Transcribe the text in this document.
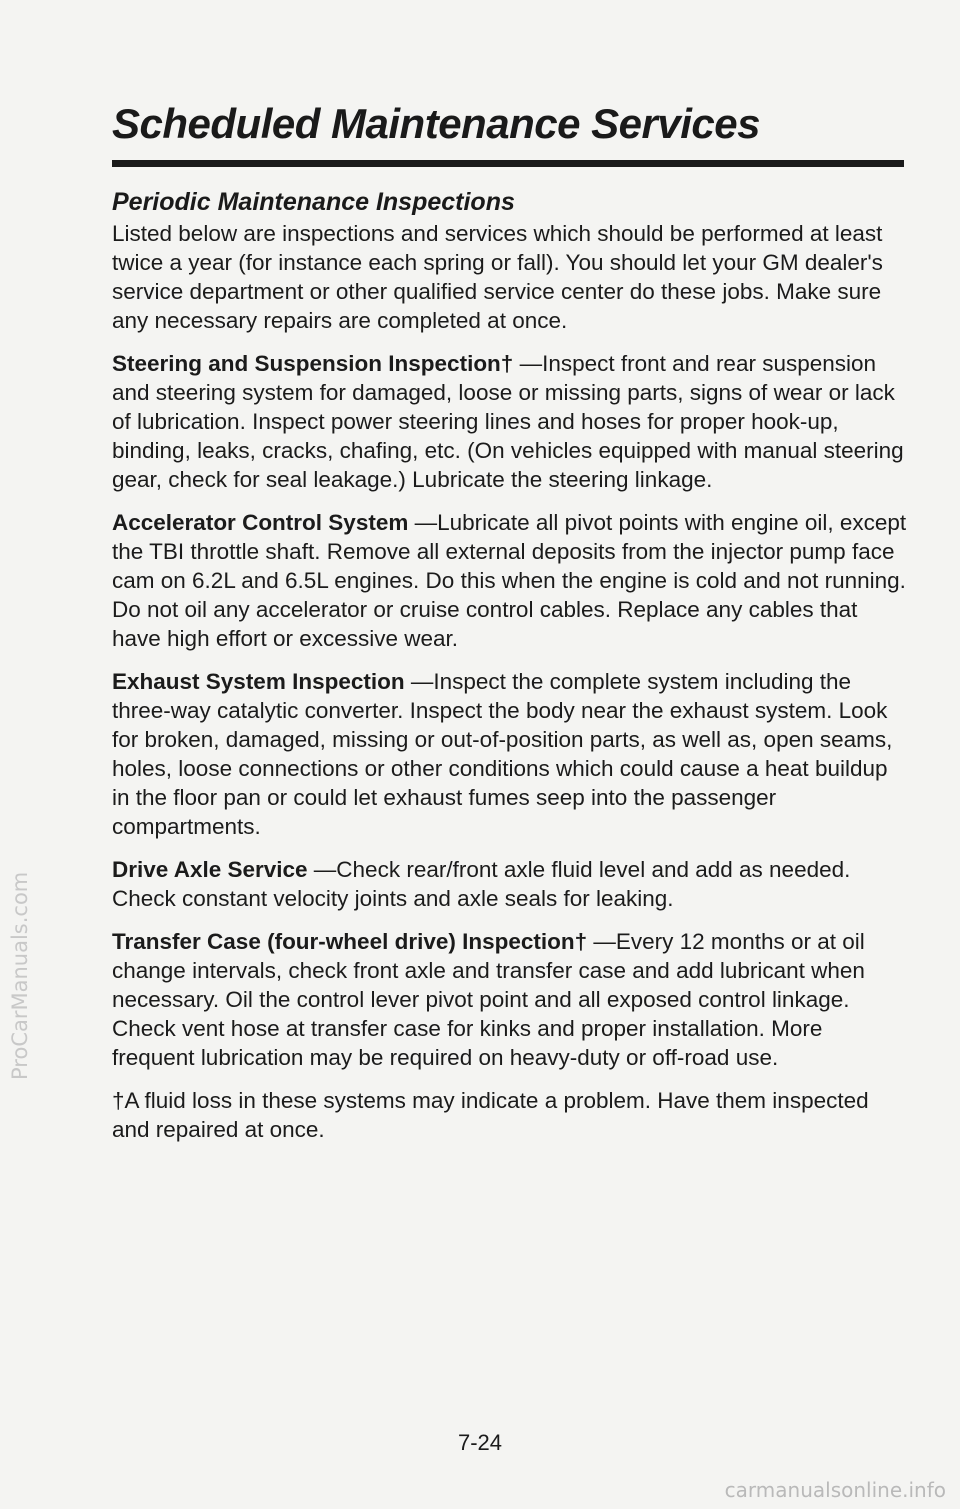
Scheduled Maintenance Services
Periodic Maintenance Inspections

Listed below are inspections and services which should be performed at least twice a year (for instance each spring or fall). You should let your GM dealer's service department or other qualified service center do these jobs. Make sure any necessary repairs are completed at once.

Steering and Suspension Inspection† —Inspect front and rear suspension and steering system for damaged, loose or missing parts, signs of wear or lack of lubrication. Inspect power steering lines and hoses for proper hook-up, binding, leaks, cracks, chafing, etc. (On vehicles equipped with manual steering gear, check for seal leakage.) Lubricate the steering linkage.

Accelerator Control System —Lubricate all pivot points with engine oil, except the TBI throttle shaft. Remove all external deposits from the injector pump face cam on 6.2L and 6.5L engines. Do this when the engine is cold and not running. Do not oil any accelerator or cruise control cables. Replace any cables that have high effort or excessive wear.

Exhaust System Inspection —Inspect the complete system including the three-way catalytic converter. Inspect the body near the exhaust system. Look for broken, damaged, missing or out-of-position parts, as well as, open seams, holes, loose connections or other conditions which could cause a heat buildup in the floor pan or could let exhaust fumes seep into the passenger compartments.

Drive Axle Service —Check rear/front axle fluid level and add as needed. Check constant velocity joints and axle seals for leaking.

Transfer Case (four-wheel drive) Inspection† —Every 12 months or at oil change intervals, check front axle and transfer case and add lubricant when necessary. Oil the control lever pivot point and all exposed control linkage. Check vent hose at transfer case for kinks and proper installation. More frequent lubrication may be required on heavy-duty or off-road use.

†A fluid loss in these systems may indicate a problem. Have them inspected and repaired at once.

7-24
ProCarManuals.com
carmanualsonline.info
